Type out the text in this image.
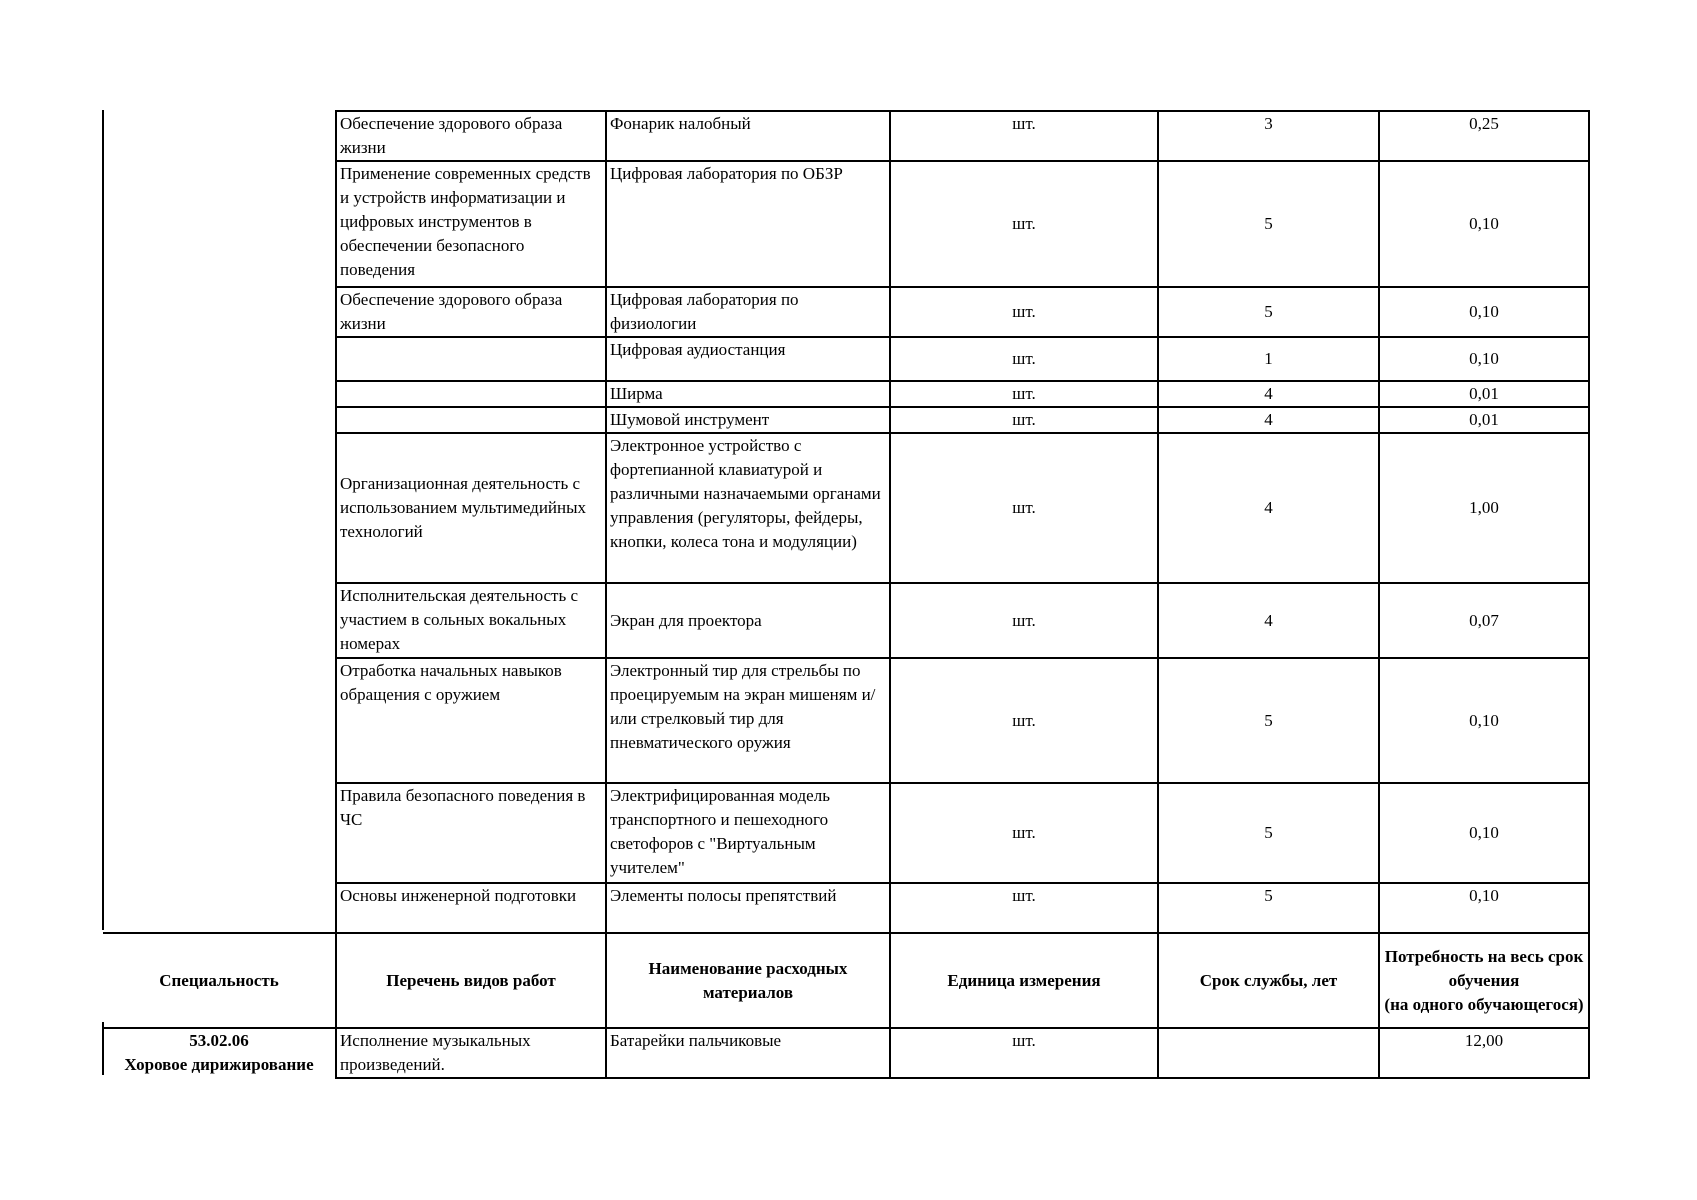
	Обеспечение здорового образа жизни	Фонарик налобный	шт.	3	0,25
	Применение современных средств и устройств информатизации и цифровых инструментов в обеспечении безопасного поведения	Цифровая лаборатория по ОБЗР	шт.	5	0,10
	Обеспечение здорового образа жизни	Цифровая лаборатория по физиологии	шт.	5	0,10
		Цифровая аудиостанция	шт.	1	0,10
		Ширма	шт.	4	0,01
		Шумовой инструмент	шт.	4	0,01
	Организационная деятельность с использованием мультимедийных технологий	Электронное устройство с фортепианной клавиатурой и различными назначаемыми органами управления (регуляторы, фейдеры, кнопки, колеса тона и модуляции)	шт.	4	1,00
	Исполнительская деятельность с участием в сольных вокальных номерах	Экран для проектора	шт.	4	0,07
	Отработка начальных навыков обращения с оружием	Электронный тир для стрельбы по проецируемым на экран мишеням и/или стрелковый тир для пневматического оружия	шт.	5	0,10
	Правила безопасного поведения в ЧС	Электрифицированная модель транспортного и пешеходного светофоров с "Виртуальным учителем"	шт.	5	0,10
	Основы инженерной подготовки	Элементы полосы препятствий	шт.	5	0,10
Специальность	Перечень видов работ	Наименование расходных материалов	Единица измерения	Срок службы, лет	Потребность на весь срок обучения
(на одного обучающегося)
53.02.06
Хоровое дирижирование	Исполнение музыкальных произведений.	Батарейки пальчиковые	шт.		12,00
